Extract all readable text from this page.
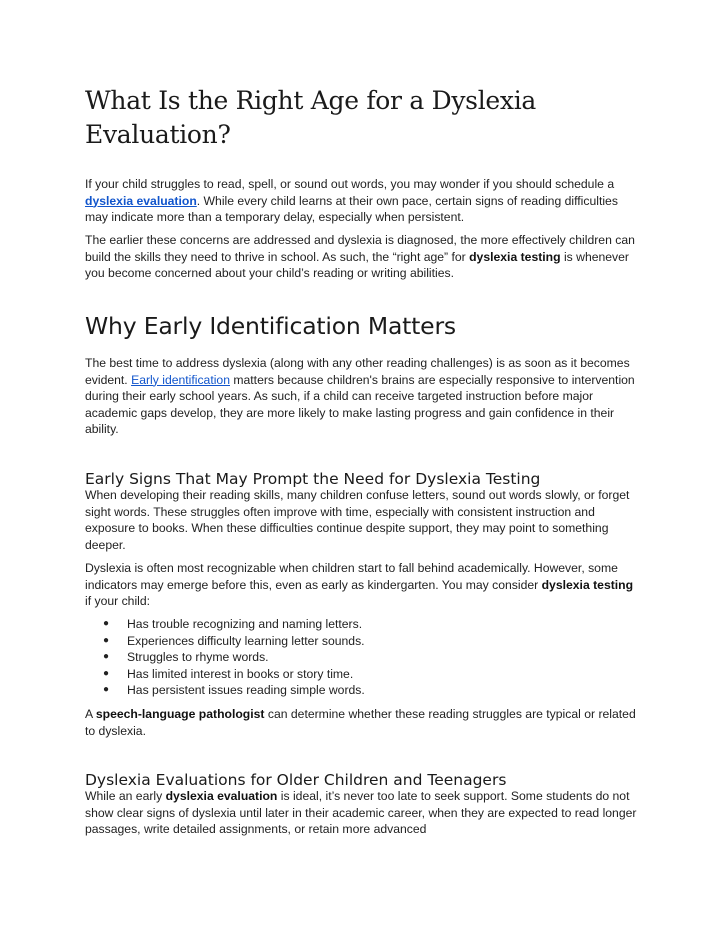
What Is the Right Age for a Dyslexia Evaluation?

If your child struggles to read, spell, or sound out words, you may wonder if you should schedule a dyslexia evaluation. While every child learns at their own pace, certain signs of reading difficulties may indicate more than a temporary delay, especially when persistent.

The earlier these concerns are addressed and dyslexia is diagnosed, the more effectively children can build the skills they need to thrive in school. As such, the “right age” for dyslexia testing is whenever you become concerned about your child’s reading or writing abilities.

Why Early Identification Matters

The best time to address dyslexia (along with any other reading challenges) is as soon as it becomes evident. Early identification matters because children's brains are especially responsive to intervention during their early school years. As such, if a child can receive targeted instruction before major academic gaps develop, they are more likely to make lasting progress and gain confidence in their ability.

Early Signs That May Prompt the Need for Dyslexia Testing

When developing their reading skills, many children confuse letters, sound out words slowly, or forget sight words. These struggles often improve with time, especially with consistent instruction and exposure to books. When these difficulties continue despite support, they may point to something deeper.

Dyslexia is often most recognizable when children start to fall behind academically. However, some indicators may emerge before this, even as early as kindergarten. You may consider dyslexia testing if your child:

● Has trouble recognizing and naming letters.
● Experiences difficulty learning letter sounds.
● Struggles to rhyme words.
● Has limited interest in books or story time.
● Has persistent issues reading simple words.

A speech-language pathologist can determine whether these reading struggles are typical or related to dyslexia.

Dyslexia Evaluations for Older Children and Teenagers

While an early dyslexia evaluation is ideal, it’s never too late to seek support. Some students do not show clear signs of dyslexia until later in their academic career, when they are expected to read longer passages, write detailed assignments, or retain more advanced
